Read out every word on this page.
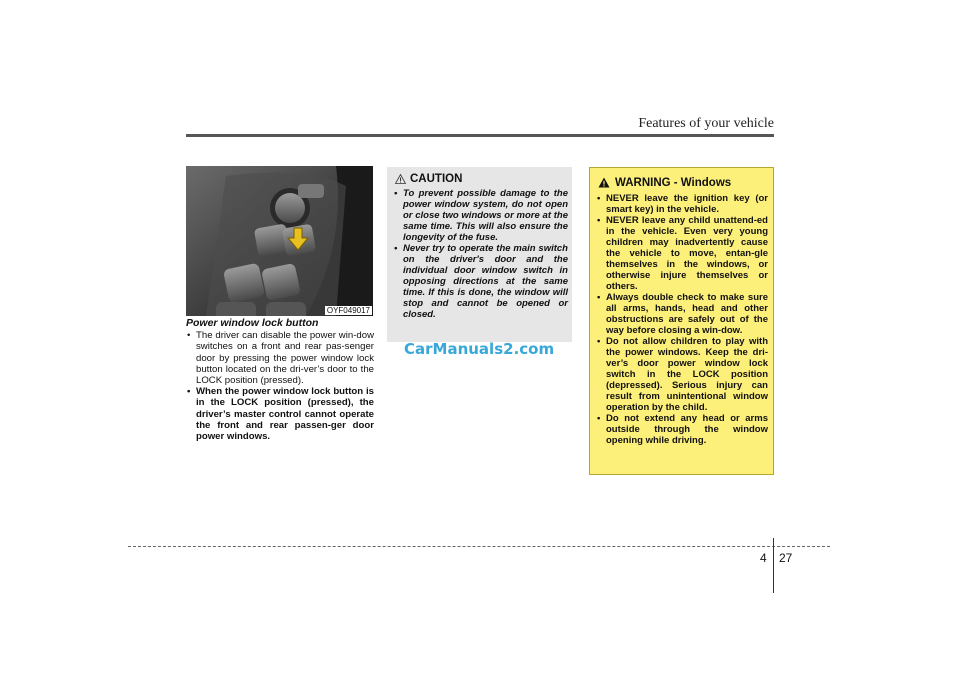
Features of your vehicle
OYF049017

Power window lock button

• The driver can disable the power win-dow switches on a front and rear pas-senger door by pressing the power window lock button located on the dri-ver’s door to the LOCK position (pressed).
• When the power window lock button is in the LOCK position (pressed), the driver’s master control cannot operate the front and rear passen-ger door power windows.
CAUTION
• To prevent possible damage to the power window system, do not open or close two windows or more at the same time. This will also ensure the longevity of the fuse.
• Never try to operate the main switch on the driver's door and the individual door window switch in opposing directions at the same time. If this is done, the window will stop and cannot be opened or closed.
CarManuals2.com
WARNING - Windows
• NEVER leave the ignition key (or smart key) in the vehicle.
• NEVER leave any child unattend-ed in the vehicle. Even very young children may inadvertently cause the vehicle to move, entan-gle themselves in the windows, or otherwise injure themselves or others.
• Always double check to make sure all arms, hands, head and other obstructions are safely out of the way before closing a win-dow.
• Do not allow children to play with the power windows. Keep the dri-ver’s door power window lock switch in the LOCK position (depressed). Serious injury can result from unintentional window operation by the child.
• Do not extend any head or arms outside through the window opening while driving.
4 27
